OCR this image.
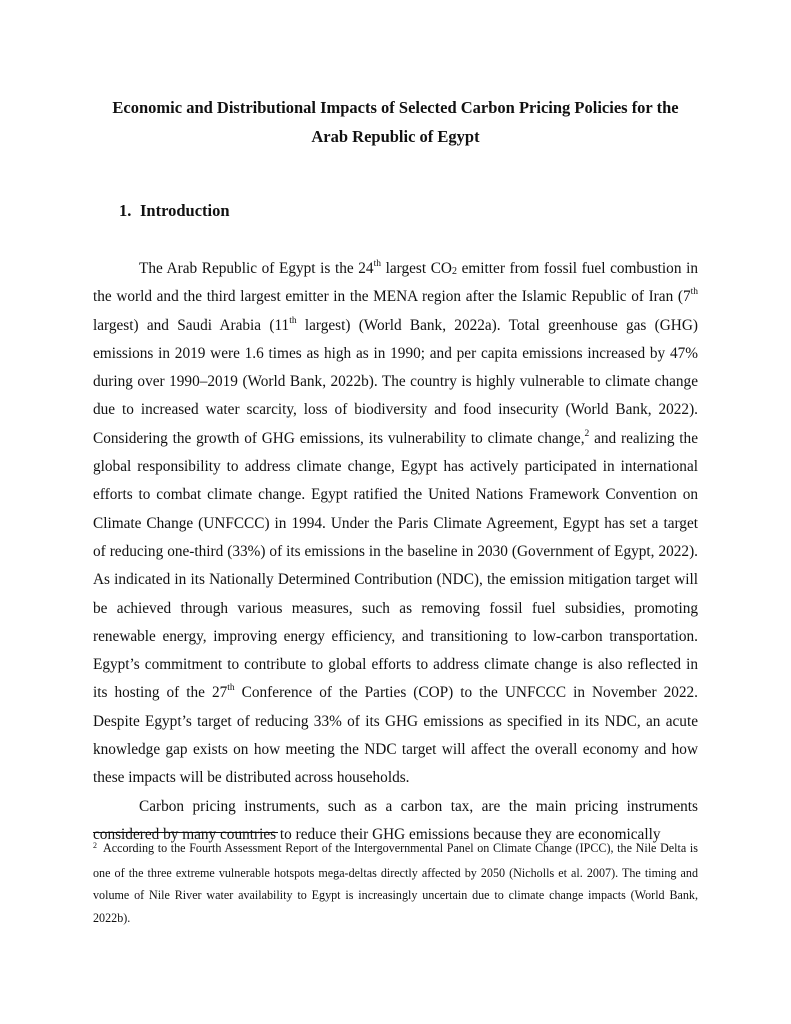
Economic and Distributional Impacts of Selected Carbon Pricing Policies for the Arab Republic of Egypt
1. Introduction

The Arab Republic of Egypt is the 24th largest $CO_2$ emitter from fossil fuel combustion in the world and the third largest emitter in the MENA region after the Islamic Republic of Iran (7th largest) and Saudi Arabia (11th largest) (World Bank, 2022a). Total greenhouse gas (GHG) emissions in 2019 were 1.6 times as high as in 1990; and per capita emissions increased by 47% during over 1990–2019 (World Bank, 2022b). The country is highly vulnerable to climate change due to increased water scarcity, loss of biodiversity and food insecurity (World Bank, 2022). Considering the growth of GHG emissions, its vulnerability to climate change,$^2$ and realizing the global responsibility to address climate change, Egypt has actively participated in international efforts to combat climate change. Egypt ratified the United Nations Framework Convention on Climate Change (UNFCCC) in 1994. Under the Paris Climate Agreement, Egypt has set a target of reducing one-third (33%) of its emissions in the baseline in 2030 (Government of Egypt, 2022). As indicated in its Nationally Determined Contribution (NDC), the emission mitigation target will be achieved through various measures, such as removing fossil fuel subsidies, promoting renewable energy, improving energy efficiency, and transitioning to low-carbon transportation. Egypt’s commitment to contribute to global efforts to address climate change is also reflected in its hosting of the 27th Conference of the Parties (COP) to the UNFCCC in November 2022. Despite Egypt’s target of reducing 33% of its GHG emissions as specified in its NDC, an acute knowledge gap exists on how meeting the NDC target will affect the overall economy and how these impacts will be distributed across households.

Carbon pricing instruments, such as a carbon tax, are the main pricing instruments considered by many countries to reduce their GHG emissions because they are economically

$^2$ According to the Fourth Assessment Report of the Intergovernmental Panel on Climate Change (IPCC), the Nile Delta is one of the three extreme vulnerable hotspots mega-deltas directly affected by 2050 (Nicholls et al. 2007). The timing and volume of Nile River water availability to Egypt is increasingly uncertain due to climate change impacts (World Bank, 2022b).
